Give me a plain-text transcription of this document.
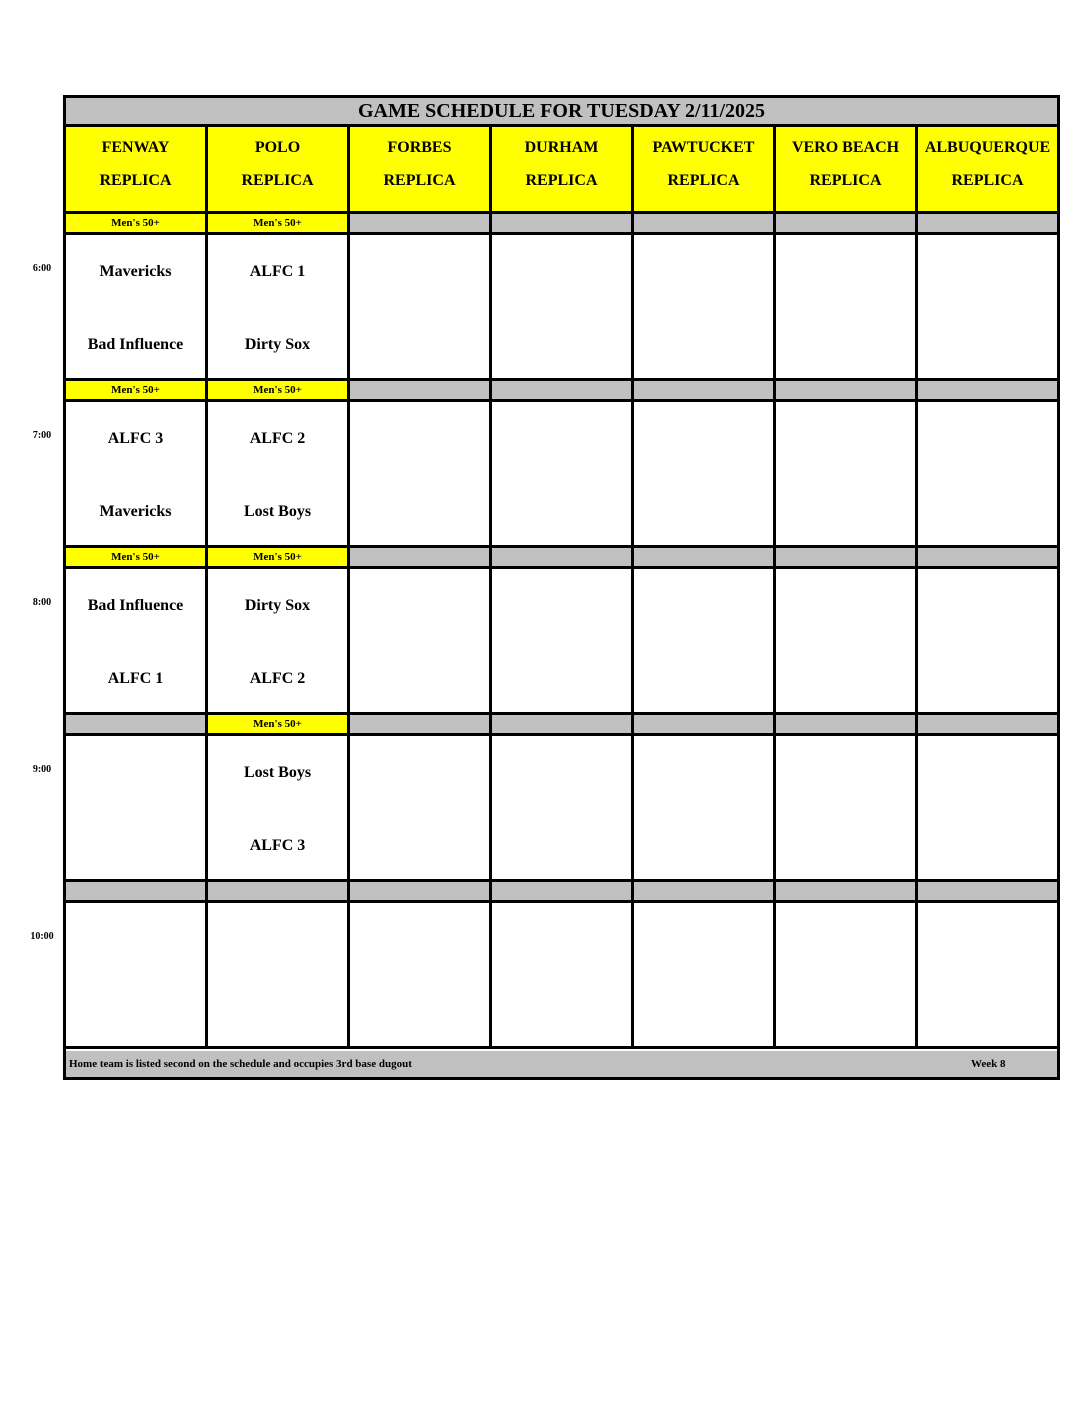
GAME SCHEDULE FOR TUESDAY 2/11/2025
FENWAY
REPLICA
POLO
REPLICA
FORBES
REPLICA
DURHAM
REPLICA
PAWTUCKET
REPLICA
VERO BEACH
REPLICA
ALBUQUERQUE
REPLICA
Men's 50+
Mavericks
Bad Influence
Men's 50+
ALFC 1
Dirty Sox
Men's 50+
ALFC 3
Mavericks
Men's 50+
ALFC 2
Lost Boys
Men's 50+
Bad Influence
ALFC 1
Men's 50+
Dirty Sox
ALFC 2
Men's 50+
Lost Boys
ALFC 3
Home team is listed second on the schedule and occupies 3rd base dugout	Week 8
6:00
7:00
8:00
9:00
10:00
